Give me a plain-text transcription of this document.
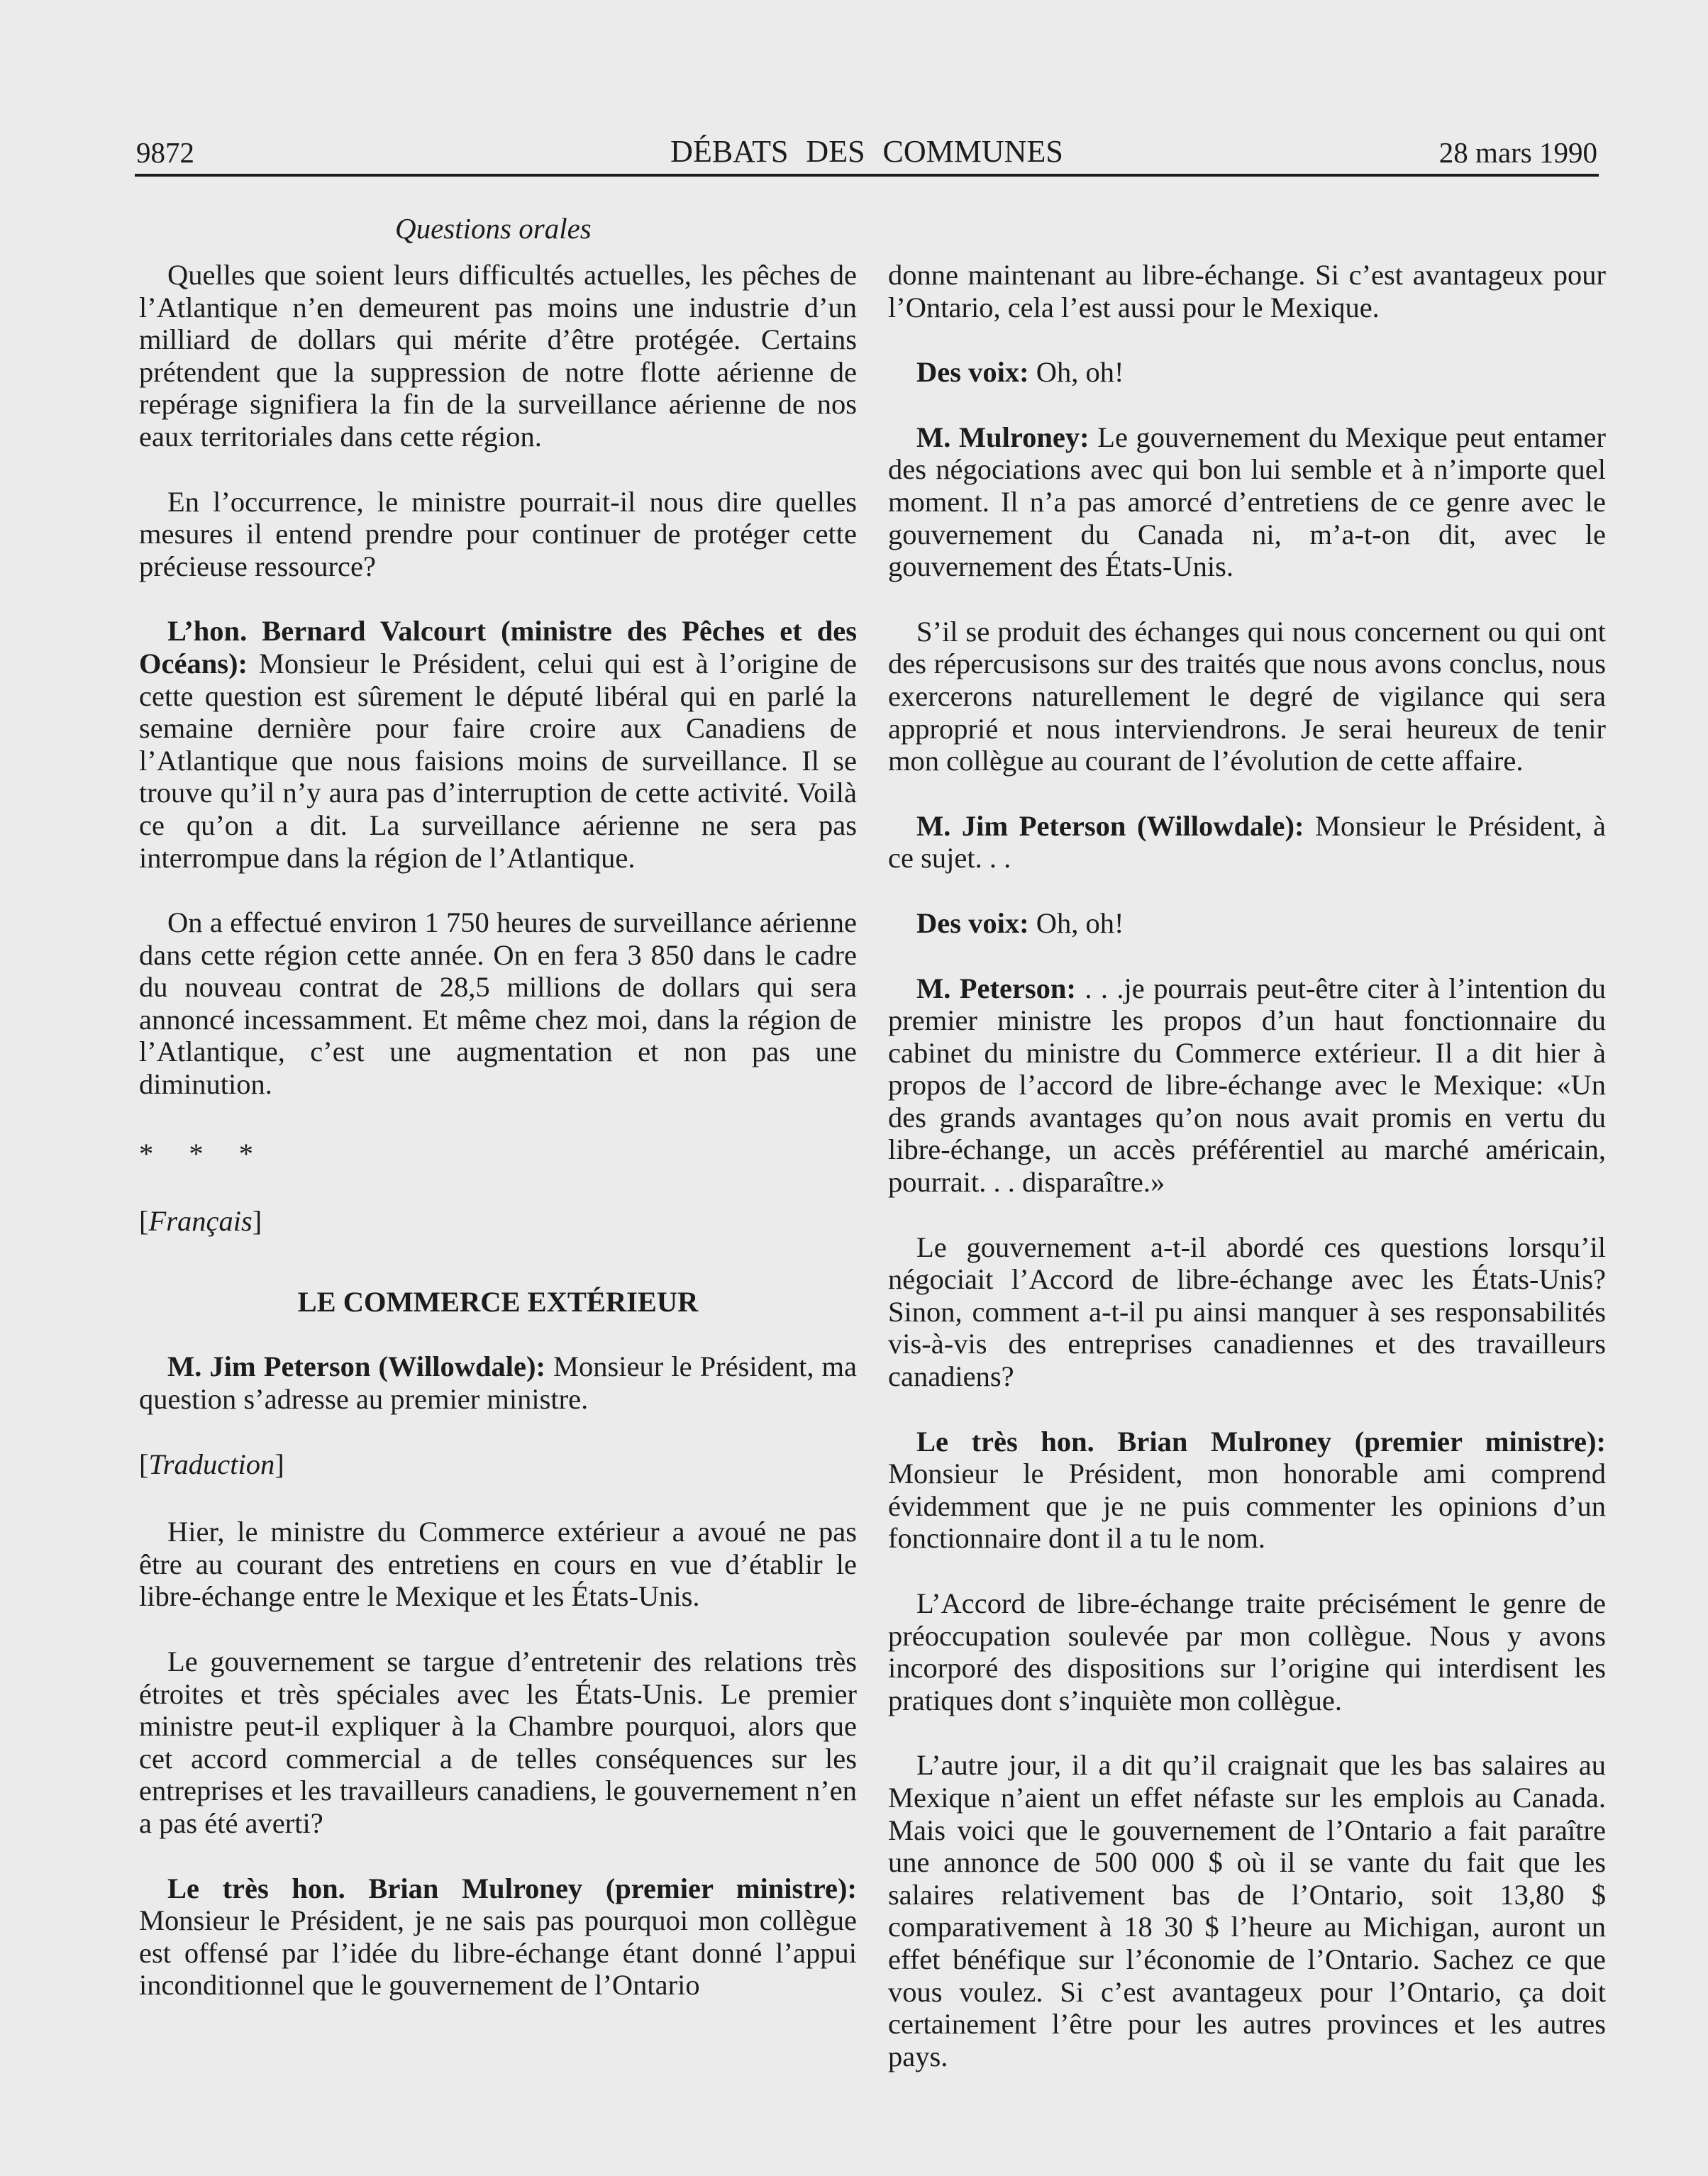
9872	DÉBATS DES COMMUNES	28 mars 1990
Questions orales

Quelles que soient leurs difficultés actuelles, les pêches de l’Atlantique n’en demeurent pas moins une industrie d’un milliard de dollars qui mérite d’être protégée. Certains prétendent que la suppression de notre flotte aérienne de repérage signifiera la fin de la surveillance aérienne de nos eaux territoriales dans cette région.

En l’occurrence, le ministre pourrait-il nous dire quelles mesures il entend prendre pour continuer de protéger cette précieuse ressource?

L’hon. Bernard Valcourt (ministre des Pêches et des Océans): Monsieur le Président, celui qui est à l’origine de cette question est sûrement le député libéral qui en parlé la semaine dernière pour faire croire aux Canadiens de l’Atlantique que nous faisions moins de surveillance. Il se trouve qu’il n’y aura pas d’interruption de cette activité. Voilà ce qu’on a dit. La surveillance aérienne ne sera pas interrompue dans la région de l’Atlantique.

On a effectué environ 1 750 heures de surveillance aérienne dans cette région cette année. On en fera 3 850 dans le cadre du nouveau contrat de 28,5 millions de dollars qui sera annoncé incessamment. Et même chez moi, dans la région de l’Atlantique, c’est une augmentation et non pas une diminution.

* * *

[Français]

LE COMMERCE EXTÉRIEUR

M. Jim Peterson (Willowdale): Monsieur le Président, ma question s’adresse au premier ministre.

[Traduction]

Hier, le ministre du Commerce extérieur a avoué ne pas être au courant des entretiens en cours en vue d’établir le libre-échange entre le Mexique et les États-Unis.

Le gouvernement se targue d’entretenir des relations très étroites et très spéciales avec les États-Unis. Le premier ministre peut-il expliquer à la Chambre pourquoi, alors que cet accord commercial a de telles conséquences sur les entreprises et les travailleurs canadiens, le gouvernement n’en a pas été averti?

Le très hon. Brian Mulroney (premier ministre): Monsieur le Président, je ne sais pas pourquoi mon collègue est offensé par l’idée du libre-échange étant donné l’appui inconditionnel que le gouvernement de l’Ontario

donne maintenant au libre-échange. Si c’est avantageux pour l’Ontario, cela l’est aussi pour le Mexique.

Des voix: Oh, oh!

M. Mulroney: Le gouvernement du Mexique peut entamer des négociations avec qui bon lui semble et à n’importe quel moment. Il n’a pas amorcé d’entretiens de ce genre avec le gouvernement du Canada ni, m’a-t-on dit, avec le gouvernement des États-Unis.

S’il se produit des échanges qui nous concernent ou qui ont des répercusisons sur des traités que nous avons conclus, nous exercerons naturellement le degré de vigilance qui sera approprié et nous interviendrons. Je serai heureux de tenir mon collègue au courant de l’évolution de cette affaire.

M. Jim Peterson (Willowdale): Monsieur le Président, à ce sujet. . .

Des voix: Oh, oh!

M. Peterson: . . .je pourrais peut-être citer à l’intention du premier ministre les propos d’un haut fonctionnaire du cabinet du ministre du Commerce extérieur. Il a dit hier à propos de l’accord de libre-échange avec le Mexique: «Un des grands avantages qu’on nous avait promis en vertu du libre-échange, un accès préférentiel au marché américain, pourrait. . . disparaître.»

Le gouvernement a-t-il abordé ces questions lorsqu’il négociait l’Accord de libre-échange avec les États-Unis? Sinon, comment a-t-il pu ainsi manquer à ses responsabilités vis-à-vis des entreprises canadiennes et des travailleurs canadiens?

Le très hon. Brian Mulroney (premier ministre): Monsieur le Président, mon honorable ami comprend évidemment que je ne puis commenter les opinions d’un fonctionnaire dont il a tu le nom.

L’Accord de libre-échange traite précisément le genre de préoccupation soulevée par mon collègue. Nous y avons incorporé des dispositions sur l’origine qui interdisent les pratiques dont s’inquiète mon collègue.

L’autre jour, il a dit qu’il craignait que les bas salaires au Mexique n’aient un effet néfaste sur les emplois au Canada. Mais voici que le gouvernement de l’Ontario a fait paraître une annonce de 500 000 $ où il se vante du fait que les salaires relativement bas de l’Ontario, soit 13,80 $ comparativement à 18 30 $ l’heure au Michigan, auront un effet bénéfique sur l’économie de l’Ontario. Sachez ce que vous voulez. Si c’est avantageux pour l’Ontario, ça doit certainement l’être pour les autres provinces et les autres pays.
